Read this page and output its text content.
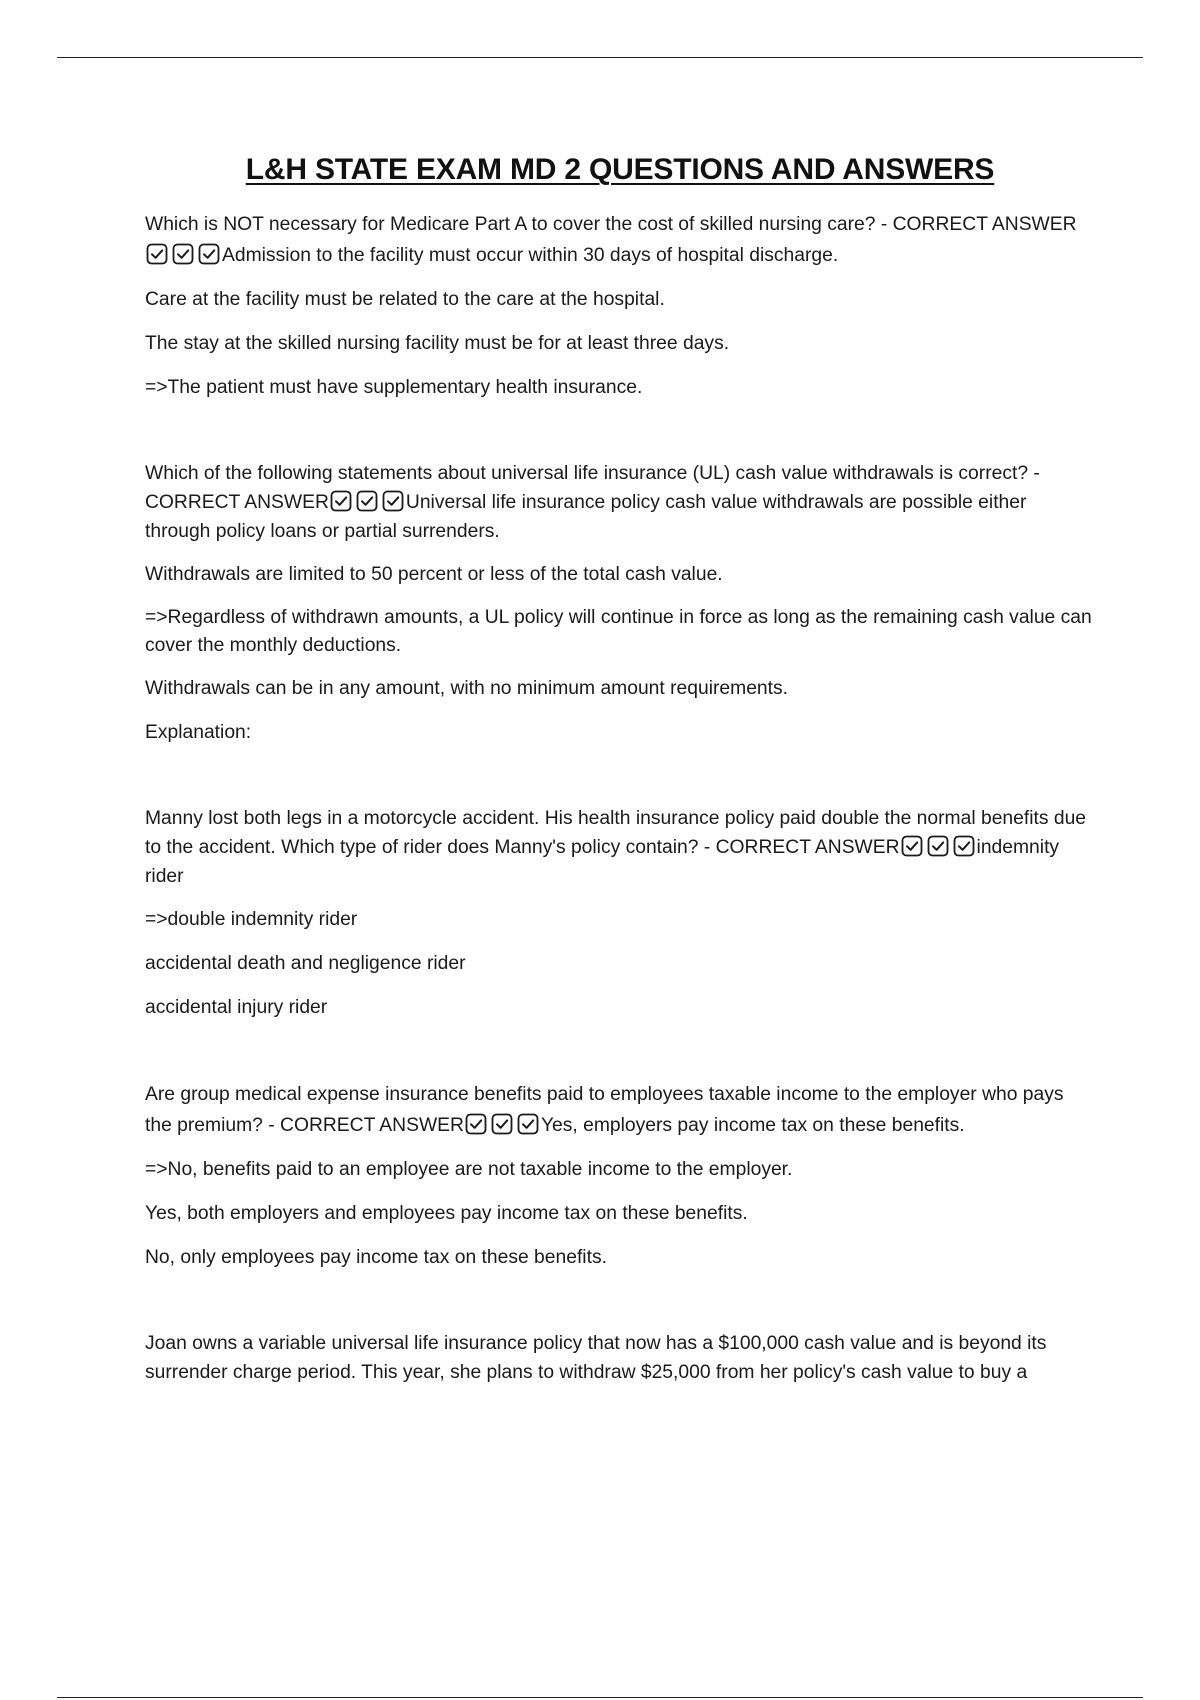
L&H STATE EXAM MD 2 QUESTIONS AND ANSWERS

Which is NOT necessary for Medicare Part A to cover the cost of skilled nursing care? - CORRECT ANSWER
Admission to the facility must occur within 30 days of hospital discharge.

Care at the facility must be related to the care at the hospital.

The stay at the skilled nursing facility must be for at least three days.

=>The patient must have supplementary health insurance.

Which of the following statements about universal life insurance (UL) cash value withdrawals is correct? - CORRECT ANSWER	Universal life insurance policy cash value withdrawals are possible either through policy loans or partial surrenders.

Withdrawals are limited to 50 percent or less of the total cash value.

=>Regardless of withdrawn amounts, a UL policy will continue in force as long as the remaining cash value can cover the monthly deductions.

Withdrawals can be in any amount, with no minimum amount requirements.

Explanation:

Manny lost both legs in a motorcycle accident. His health insurance policy paid double the normal benefits due to the accident. Which type of rider does Manny's policy contain? - CORRECT ANSWER	indemnity rider

=>double indemnity rider

accidental death and negligence rider

accidental injury rider

Are group medical expense insurance benefits paid to employees taxable income to the employer who pays the premium? - CORRECT ANSWER	Yes, employers pay income tax on these benefits.

=>No, benefits paid to an employee are not taxable income to the employer.

Yes, both employers and employees pay income tax on these benefits.

No, only employees pay income tax on these benefits.

Joan owns a variable universal life insurance policy that now has a $100,000 cash value and is beyond its surrender charge period. This year, she plans to withdraw $25,000 from her policy's cash value to buy a
